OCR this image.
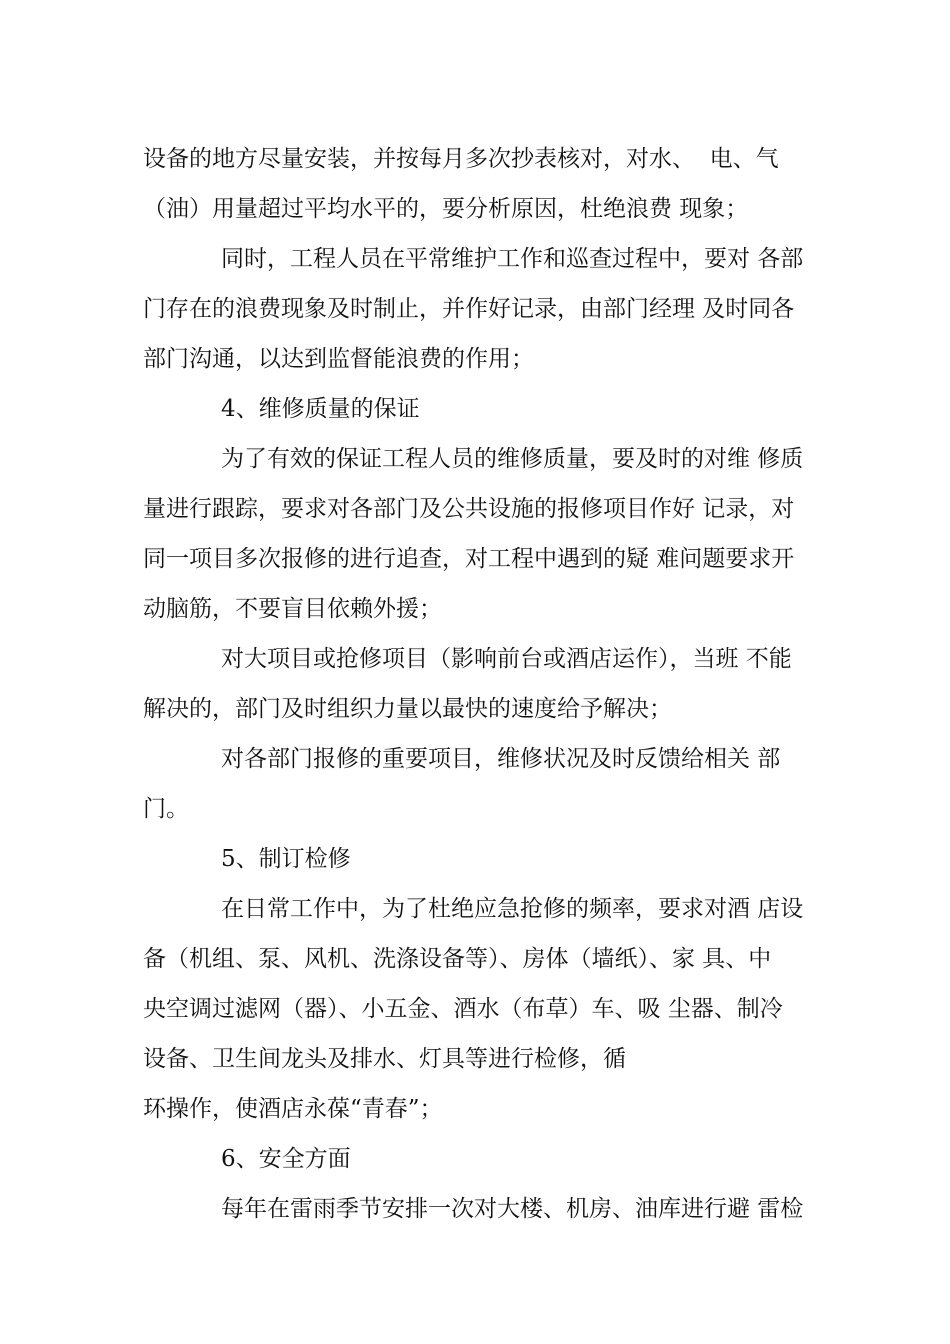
设备的地方尽量安装，并按每月多次抄表核对，对水、  电、气
（油）用量超过平均水平的，要分析原因，杜绝浪费 现象；
同时，工程人员在平常维护工作和巡查过程中，要对 各部
门存在的浪费现象及时制止，并作好记录，由部门经理 及时同各
部门沟通，以达到监督能浪费的作用；
4、维修质量的保证
为了有效的保证工程人员的维修质量，要及时的对维 修质
量进行跟踪，要求对各部门及公共设施的报修项目作好 记录，对
同一项目多次报修的进行追查，对工程中遇到的疑 难问题要求开
动脑筋，不要盲目依赖外援；
对大项目或抢修项目（影响前台或酒店运作），当班 不能
解决的，部门及时组织力量以最快的速度给予解决；
对各部门报修的重要项目，维修状况及时反馈给相关 部
门。
5、制订检修
在日常工作中，为了杜绝应急抢修的频率，要求对酒 店设
备（机组、泵、风机、洗涤设备等）、房体（墙纸）、家 具、中
央空调过滤网（器）、小五金、酒水（布草）车、吸 尘器、制冷
设备、卫生间龙头及排水、灯具等进行检修，循
环操作，使酒店永葆“青春”；
6、安全方面
每年在雷雨季节安排一次对大楼、机房、油库进行避 雷检
